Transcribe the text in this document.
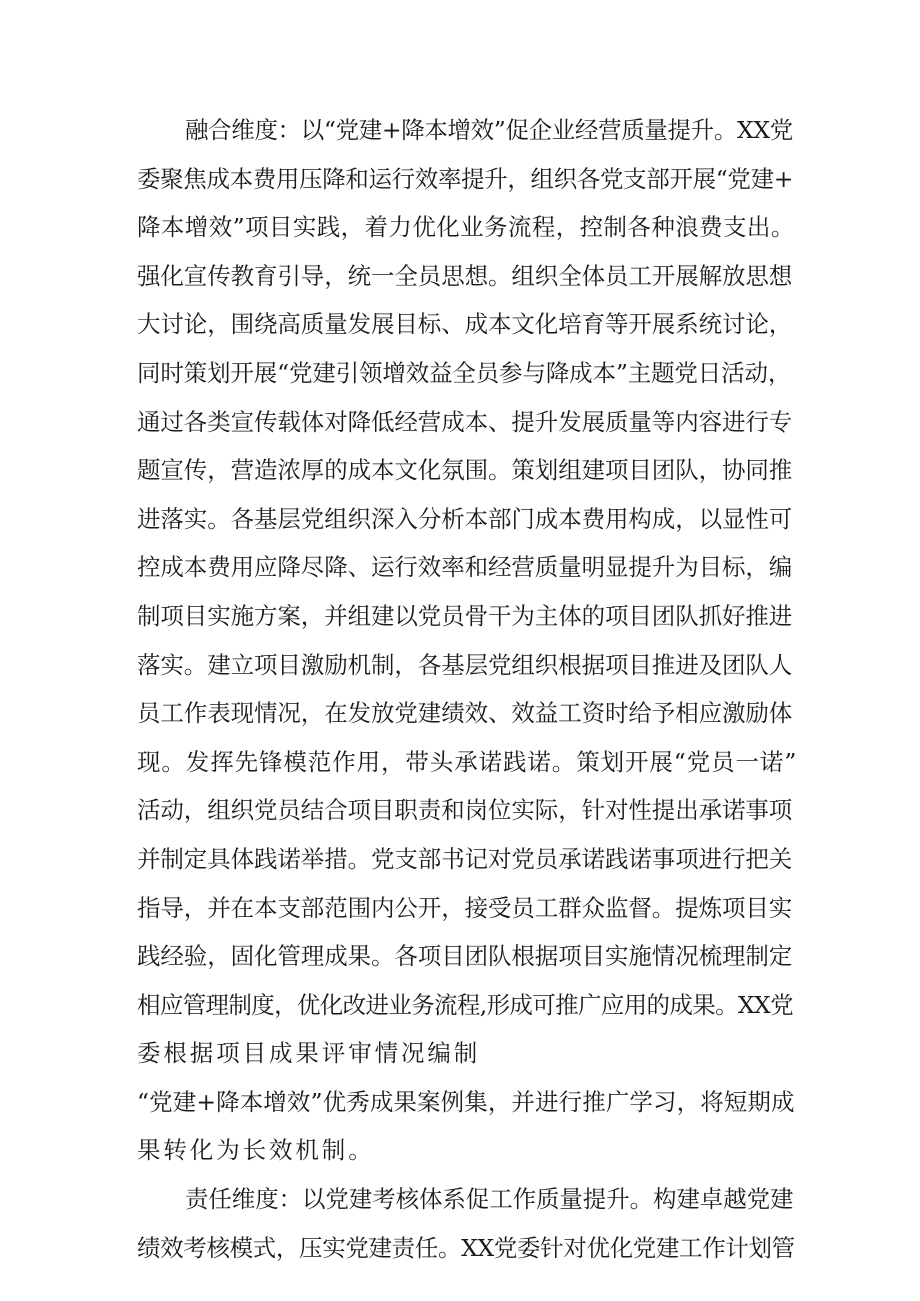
融合维度：以“党建+降本增效”促企业经营质量提升。XX党
委聚焦成本费用压降和运行效率提升，组织各党支部开展“党建+
降本增效”项目实践，着力优化业务流程，控制各种浪费支出。
强化宣传教育引导，统一全员思想。组织全体员工开展解放思想
大讨论，围绕高质量发展目标、成本文化培育等开展系统讨论，
同时策划开展“党建引领增效益全员参与降成本”主题党日活动，
通过各类宣传载体对降低经营成本、提升发展质量等内容进行专
题宣传，营造浓厚的成本文化氛围。策划组建项目团队，协同推
进落实。各基层党组织深入分析本部门成本费用构成，以显性可
控成本费用应降尽降、运行效率和经营质量明显提升为目标，编
制项目实施方案，并组建以党员骨干为主体的项目团队抓好推进
落实。建立项目激励机制，各基层党组织根据项目推进及团队人
员工作表现情况，在发放党建绩效、效益工资时给予相应激励体
现。发挥先锋模范作用，带头承诺践诺。策划开展“党员一诺”
活动，组织党员结合项目职责和岗位实际，针对性提出承诺事项
并制定具体践诺举措。党支部书记对党员承诺践诺事项进行把关
指导，并在本支部范围内公开，接受员工群众监督。提炼项目实
践经验，固化管理成果。各项目团队根据项目实施情况梳理制定
相应管理制度，优化改进业务流程,形成可推广应用的成果。XX党
委根据项目成果评审情况编制
“党建+降本增效”优秀成果案例集，并进行推广学习，将短期成
果转化为长效机制。
责任维度：以党建考核体系促工作质量提升。构建卓越党建
绩效考核模式，压实党建责任。XX党委针对优化党建工作计划管
